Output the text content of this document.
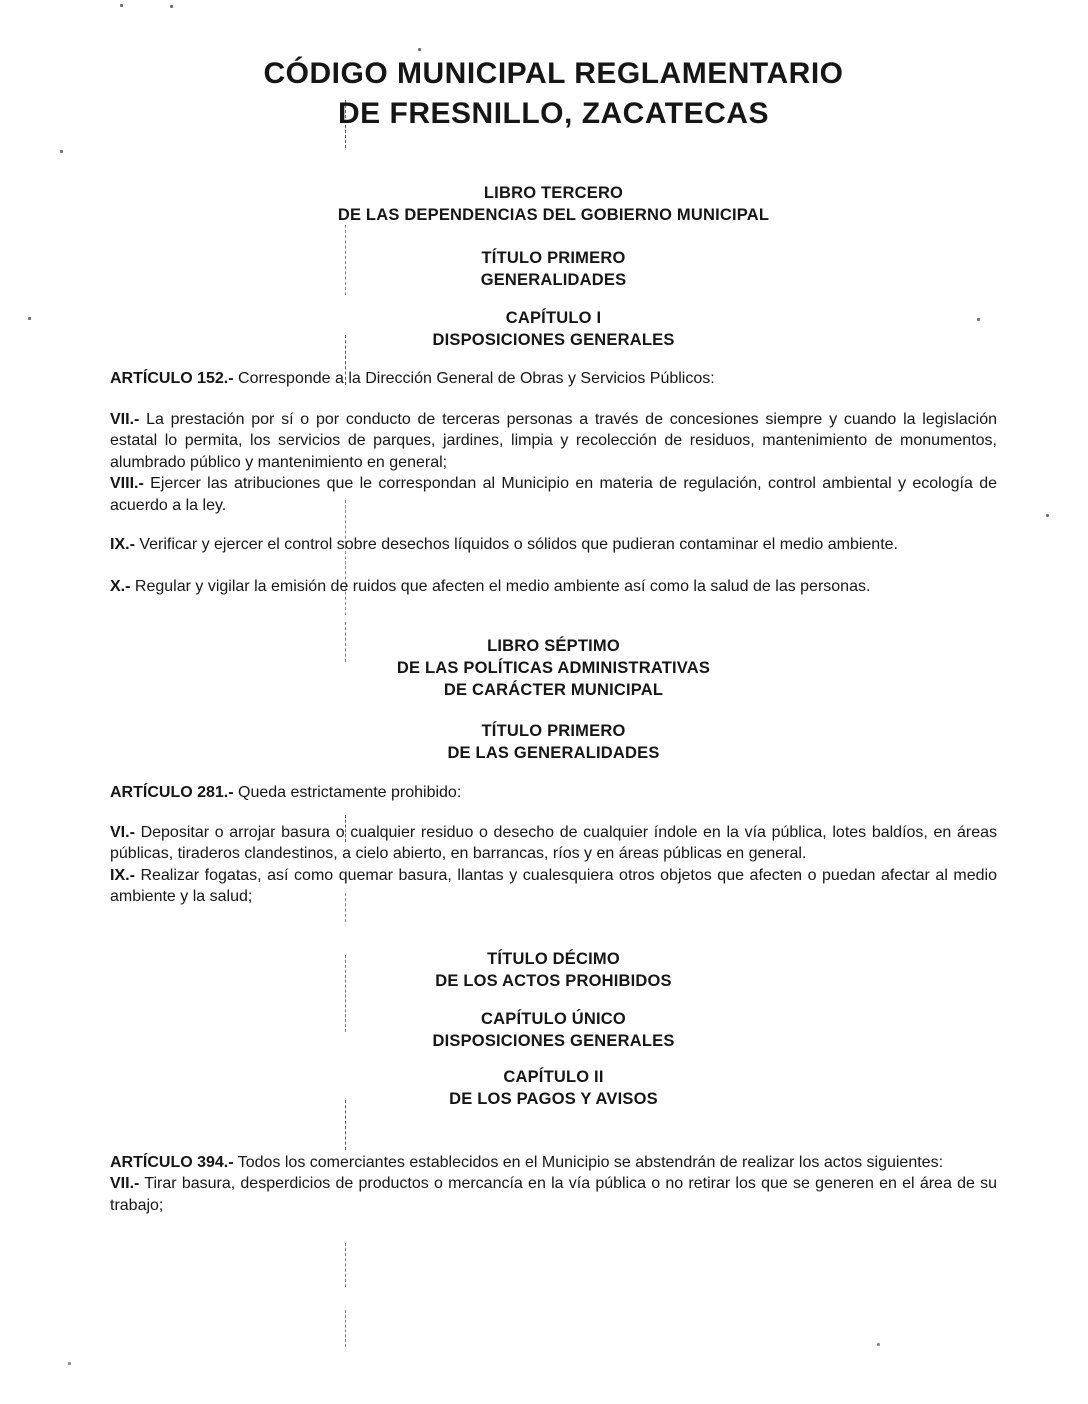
CÓDIGO MUNICIPAL REGLAMENTARIO
DE FRESNILLO, ZACATECAS

LIBRO TERCERO

DE LAS DEPENDENCIAS DEL GOBIERNO MUNICIPAL

TÍTULO PRIMERO

GENERALIDADES

CAPÍTULO I

DISPOSICIONES GENERALES

ARTÍCULO 152.- Corresponde a la Dirección General de Obras y Servicios Públicos:

VII.- La prestación por sí o por conducto de terceras personas a través de concesiones siempre y cuando la legislación estatal lo permita, los servicios de parques, jardines, limpia y recolección de residuos, mantenimiento de monumentos, alumbrado público y mantenimiento en general;

VIII.- Ejercer las atribuciones que le correspondan al Municipio en materia de regulación, control ambiental y ecología de acuerdo a la ley.

IX.- Verificar y ejercer el control sobre desechos líquidos o sólidos que pudieran contaminar el medio ambiente.

X.- Regular y vigilar la emisión de ruidos que afecten el medio ambiente así como la salud de las personas.

LIBRO SÉPTIMO

DE LAS POLÍTICAS ADMINISTRATIVAS

DE CARÁCTER MUNICIPAL

TÍTULO PRIMERO

DE LAS GENERALIDADES

ARTÍCULO 281.- Queda estrictamente prohibido:

VI.- Depositar o arrojar basura o cualquier residuo o desecho de cualquier índole en la vía pública, lotes baldíos, en áreas públicas, tiraderos clandestinos, a cielo abierto, en barrancas, ríos y en áreas públicas en general.

IX.- Realizar fogatas, así como quemar basura, llantas y cualesquiera otros objetos que afecten o puedan afectar al medio ambiente y la salud;

TÍTULO DÉCIMO

DE LOS ACTOS PROHIBIDOS

CAPÍTULO ÚNICO

DISPOSICIONES GENERALES

CAPÍTULO II

DE LOS PAGOS Y AVISOS

ARTÍCULO 394.- Todos los comerciantes establecidos en el Municipio se abstendrán de realizar los actos siguientes:

VII.- Tirar basura, desperdicios de productos o mercancía en la vía pública o no retirar los que se generen en el área de su trabajo;
